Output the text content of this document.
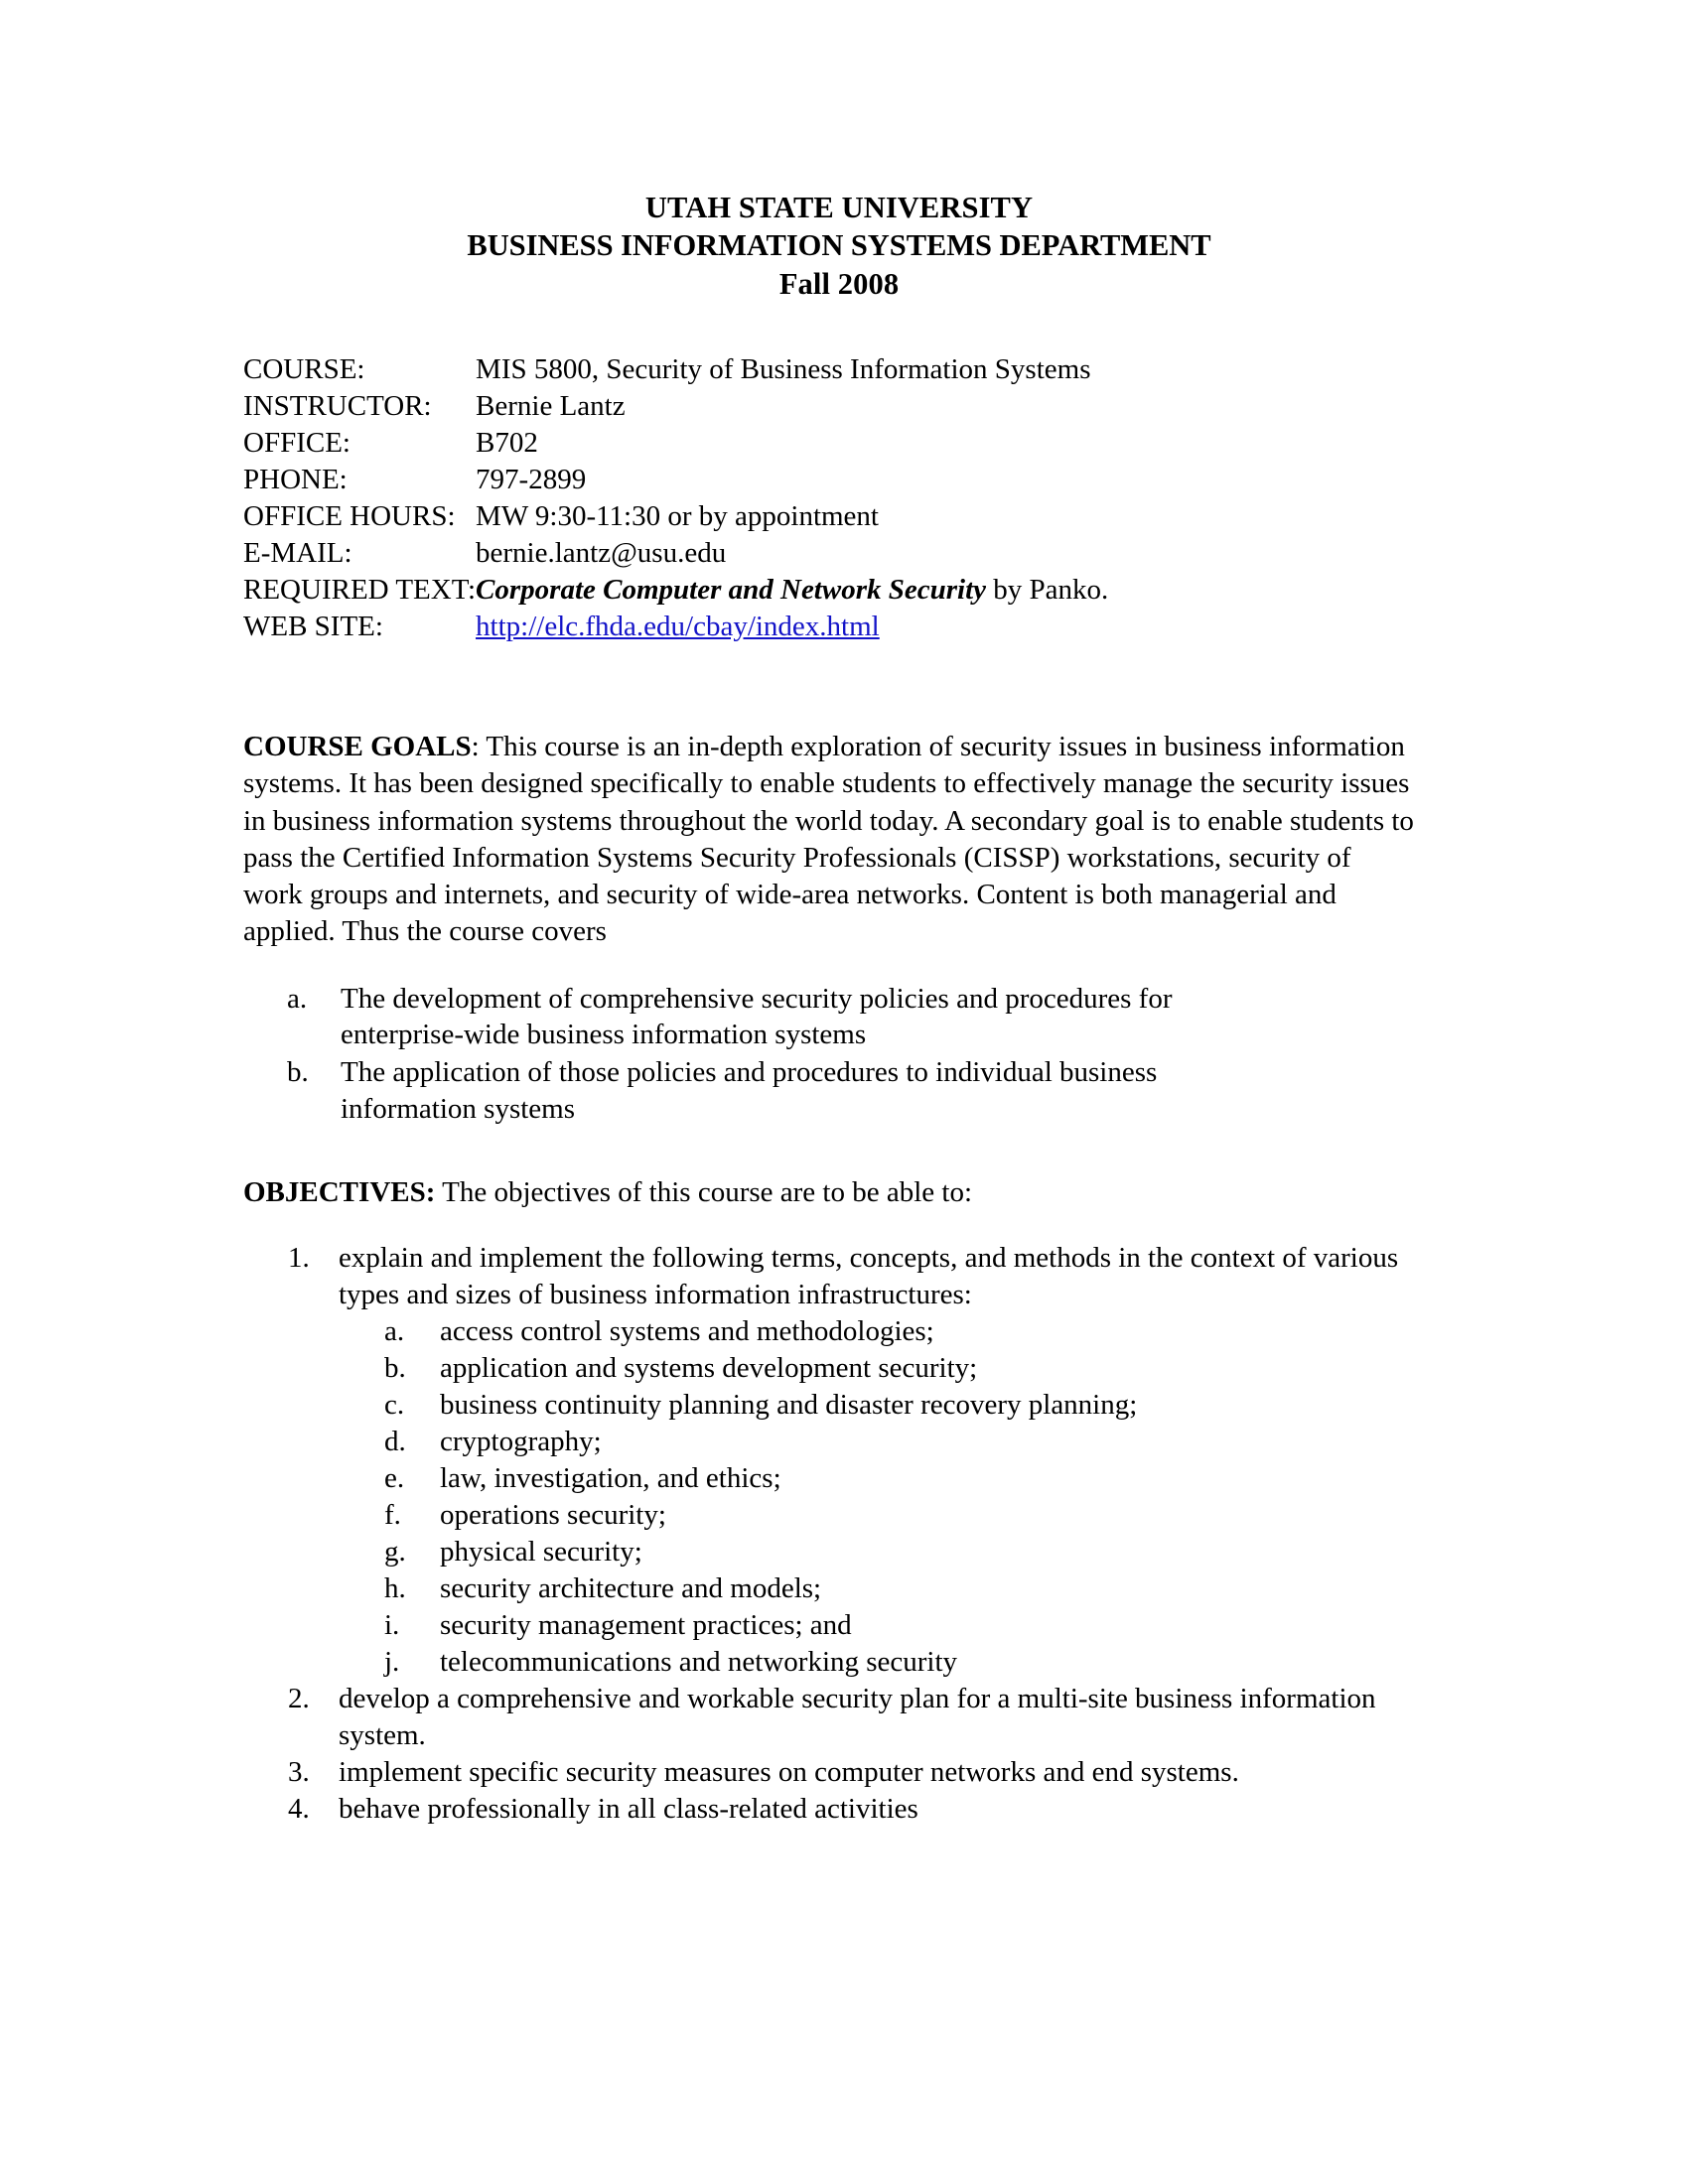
UTAH STATE UNIVERSITY
BUSINESS INFORMATION SYSTEMS DEPARTMENT
Fall 2008
COURSE:	MIS 5800, Security of Business Information Systems
INSTRUCTOR:	Bernie Lantz
OFFICE:	B702
PHONE:	797-2899
OFFICE HOURS:	MW 9:30-11:30 or by appointment
E-MAIL:	bernie.lantz@usu.edu
REQUIRED TEXT:	Corporate Computer and Network Security by Panko.
WEB SITE:	http://elc.fhda.edu/cbay/index.html

COURSE GOALS: This course is an in-depth exploration of security issues in business information systems. It has been designed specifically to enable students to effectively manage the security issues in business information systems throughout the world today. A secondary goal is to enable students to pass the Certified Information Systems Security Professionals (CISSP) workstations, security of work groups and internets, and security of wide-area networks. Content is both managerial and applied. Thus the course covers

a. The development of comprehensive security policies and procedures for enterprise-wide business information systems
b. The application of those policies and procedures to individual business information systems

OBJECTIVES: The objectives of this course are to be able to:

1. explain and implement the following terms, concepts, and methods in the context of various types and sizes of business information infrastructures:
a. access control systems and methodologies;
b. application and systems development security;
c. business continuity planning and disaster recovery planning;
d. cryptography;
e. law, investigation, and ethics;
f. operations security;
g. physical security;
h. security architecture and models;
i. security management practices; and
j. telecommunications and networking security
2. develop a comprehensive and workable security plan for a multi-site business information system.
3. implement specific security measures on computer networks and end systems.
4. behave professionally in all class-related activities
